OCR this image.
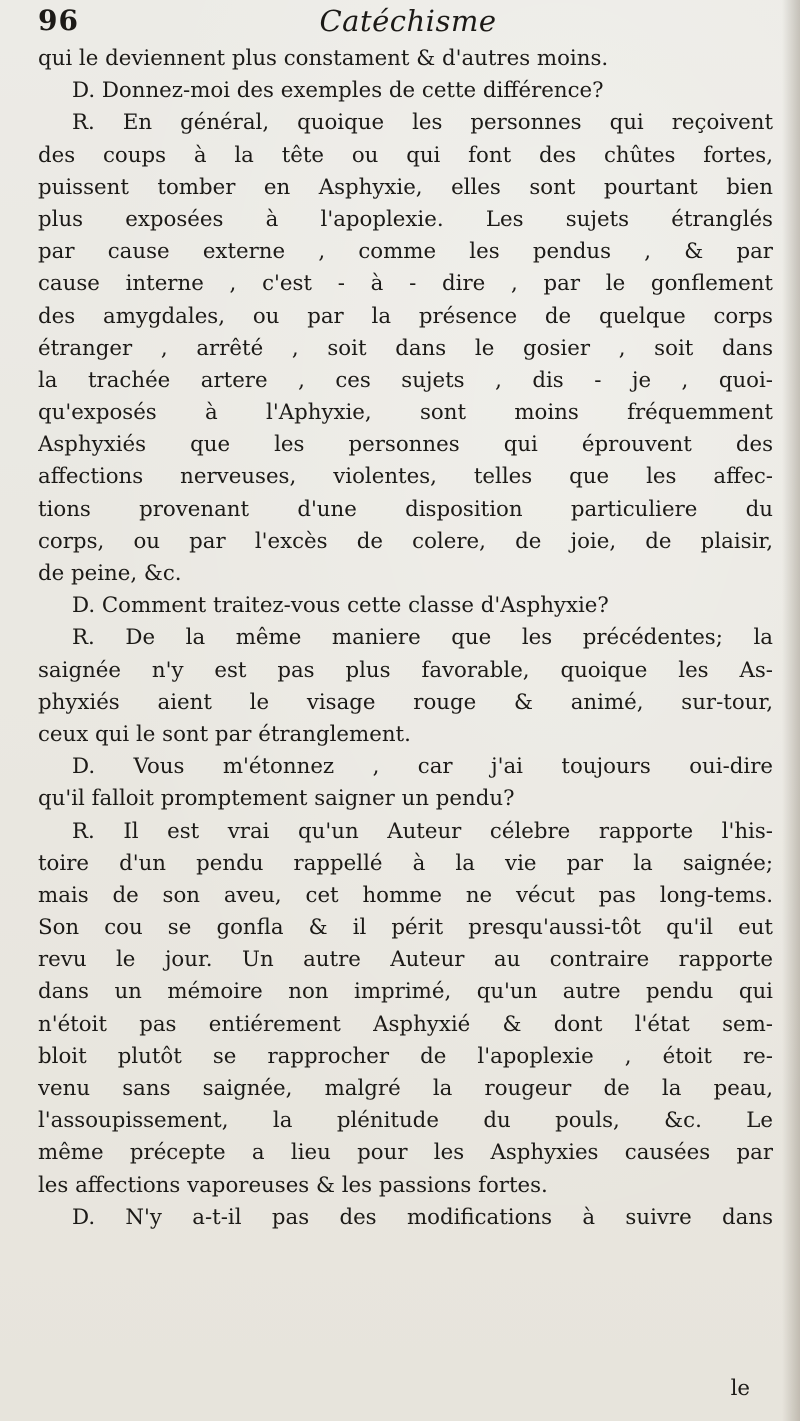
96	Catéchisme
qui le deviennent plus constament & d'autres moins.
D. Donnez-moi des exemples de cette différence?
R. En général, quoique les personnes qui reçoivent
des coups à la tête ou qui font des chûtes fortes,
puissent tomber en Asphyxie, elles sont pourtant bien
plus exposées à l'apoplexie. Les sujets étranglés
par cause externe , comme les pendus , & par
cause interne , c'est - à - dire , par le gonflement
des amygdales, ou par la présence de quelque corps
étranger , arrêté , soit dans le gosier , soit dans
la trachée artere , ces sujets , dis - je , quoi-
qu'exposés à l'Aphyxie, sont moins fréquemment
Asphyxiés que les personnes qui éprouvent des
affections nerveuses, violentes, telles que les affec-
tions provenant d'une disposition particuliere du
corps, ou par l'excès de colere, de joie, de plaisir,
de peine, &c.
D. Comment traitez-vous cette classe d'Asphyxie?
R. De la même maniere que les précédentes; la
saignée n'y est pas plus favorable, quoique les As-
phyxiés aient le visage rouge & animé, sur-tour,
ceux qui le sont par étranglement.
D. Vous m'étonnez , car j'ai toujours oui-dire
qu'il falloit promptement saigner un pendu?
R. Il est vrai qu'un Auteur célebre rapporte l'his-
toire d'un pendu rappellé à la vie par la saignée;
mais de son aveu, cet homme ne vécut pas long-tems.
Son cou se gonfla & il périt presqu'aussi-tôt qu'il eut
revu le jour. Un autre Auteur au contraire rapporte
dans un mémoire non imprimé, qu'un autre pendu qui
n'étoit pas entiérement Asphyxié & dont l'état sem-
bloit plutôt se rapprocher de l'apoplexie , étoit re-
venu sans saignée, malgré la rougeur de la peau,
l'assoupissement, la plénitude du pouls, &c. Le
même précepte a lieu pour les Asphyxies causées par
les affections vaporeuses & les passions fortes.
D. N'y a-t-il pas des modifications à suivre dans
le
